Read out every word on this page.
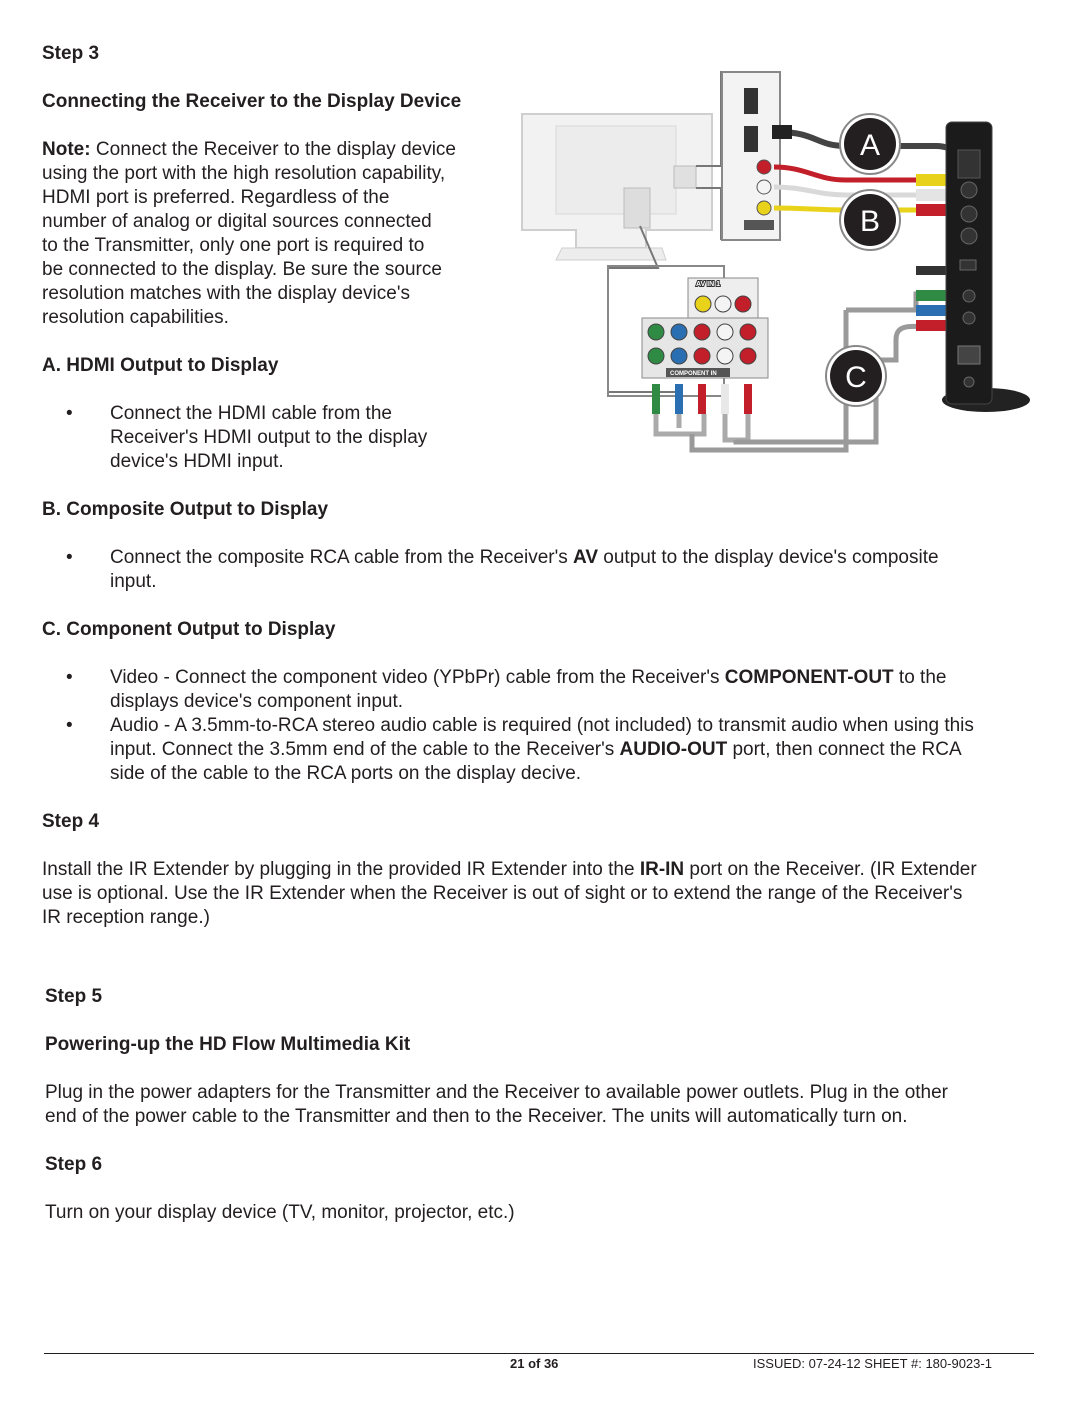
Step 3
Connecting the Receiver to the Display Device
Note: Connect the Receiver to the display device
using the port with the high resolution capability,
HDMI port is preferred. Regardless of the
number of analog or digital sources connected
to the Transmitter, only one port is required to
be connected to the display. Be sure the source
resolution matches with the display device's
resolution capabilities.
A. HDMI Output to Display
• Connect the HDMI cable from the
Receiver's HDMI output to the display
device's HDMI input.
B. Composite Output to Display
• Connect the composite RCA cable from the Receiver's AV output to the display device's composite
input.
C. Component Output to Display
• Video - Connect the component video (YPbPr) cable from the Receiver's COMPONENT-OUT to the
displays device's component input.
• Audio - A 3.5mm-to-RCA stereo audio cable is required (not included) to transmit audio when using this
input. Connect the 3.5mm end of the cable to the Receiver's AUDIO-OUT port, then connect the RCA
side of the cable to the RCA ports on the display decive.
Step 4
Install the IR Extender by plugging in the provided IR Extender into the IR-IN port on the Receiver. (IR Extender
use is optional. Use the IR Extender when the Receiver is out of sight or to extend the range of the Receiver's
IR reception range.)
Step 5
Powering-up the HD Flow Multimedia Kit
Plug in the power adapters for the Transmitter and the Receiver to available power outlets. Plug in the other
end of the power cable to the Transmitter and then to the Receiver. The units will automatically turn on.
Step 6
Turn on your display device (TV, monitor, projector, etc.)
AV IN 1
COMPONENT IN
A
B
C
21 of 36	ISSUED: 07-24-12 SHEET #: 180-9023-1
